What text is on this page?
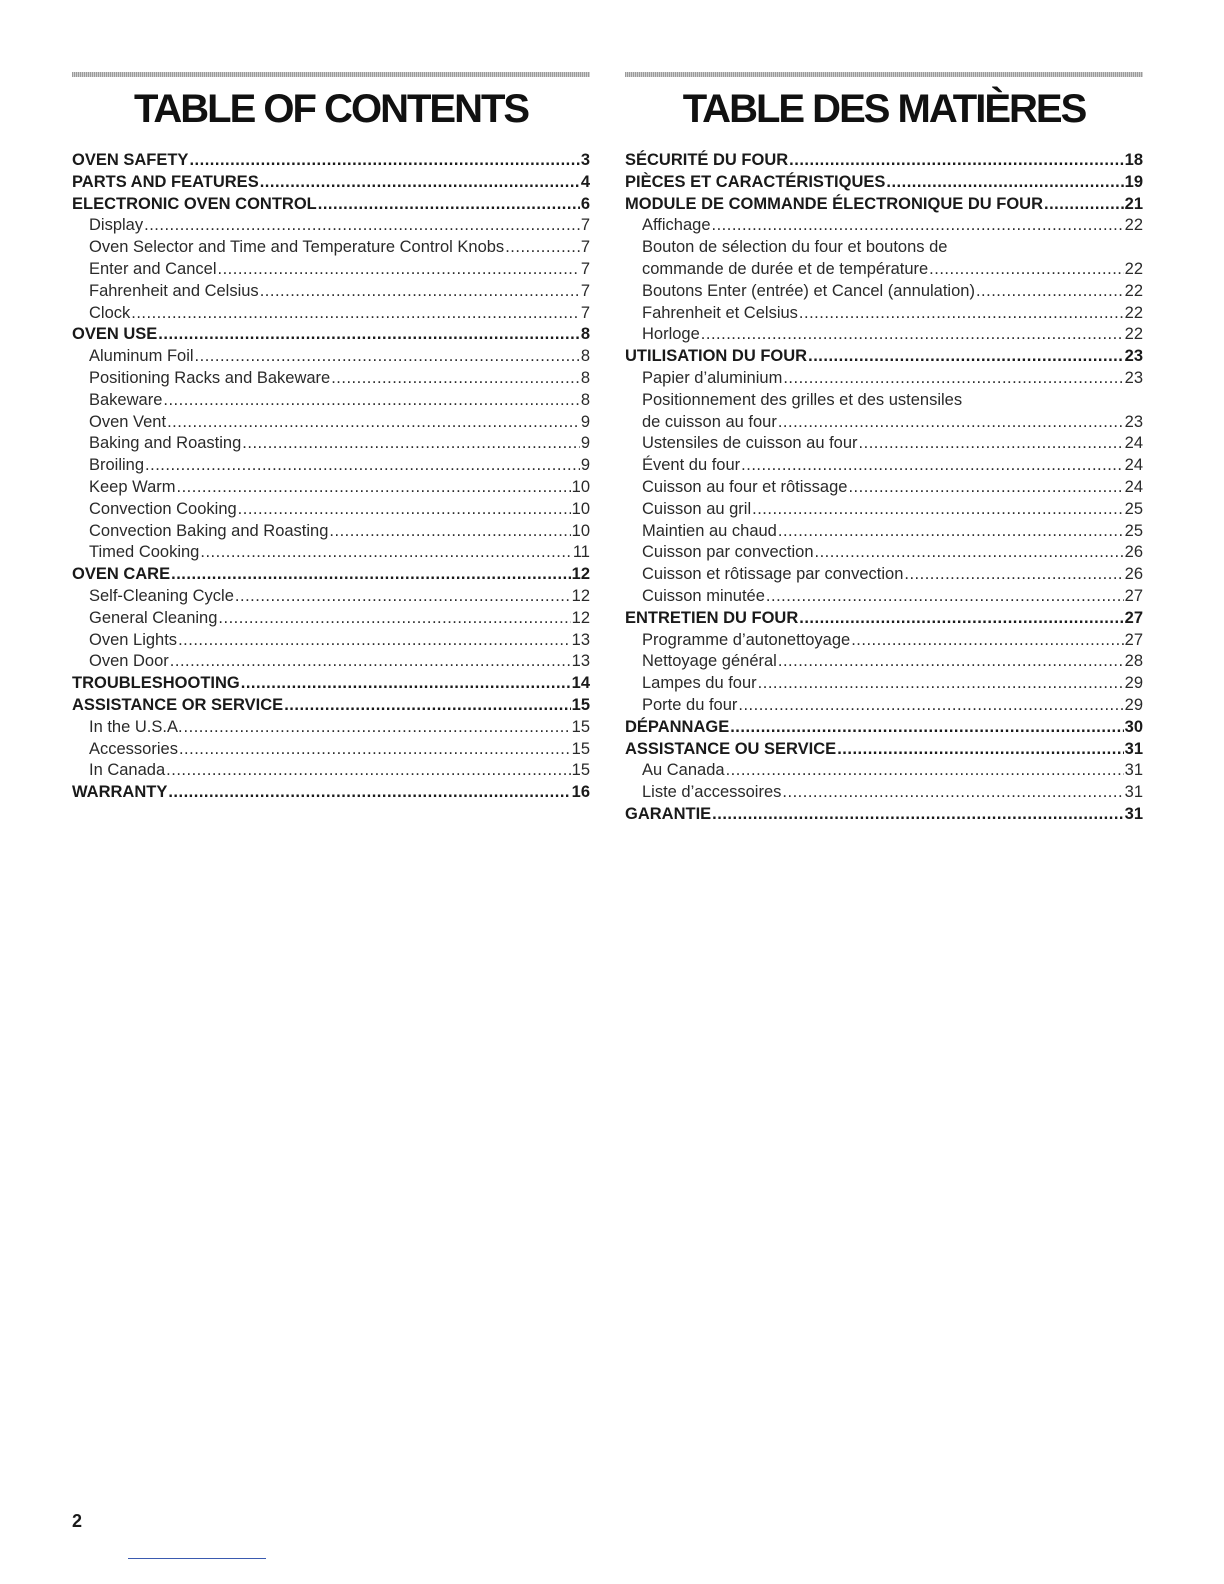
TABLE OF CONTENTS
OVEN SAFETY .....	3
PARTS AND FEATURES .....	4
ELECTRONIC OVEN CONTROL .....	6
Display .....	7
Oven Selector and Time and Temperature Control Knobs .....	7
Enter and Cancel .....	7
Fahrenheit and Celsius .....	7
Clock .....	7
OVEN USE .....	8
Aluminum Foil .....	8
Positioning Racks and Bakeware .....	8
Bakeware .....	8
Oven Vent .....	9
Baking and Roasting .....	9
Broiling .....	9
Keep Warm .....	10
Convection Cooking .....	10
Convection Baking and Roasting .....	10
Timed Cooking .....	11
OVEN CARE .....	12
Self-Cleaning Cycle .....	12
General Cleaning .....	12
Oven Lights .....	13
Oven Door .....	13
TROUBLESHOOTING .....	14
ASSISTANCE OR SERVICE .....	15
In the U.S.A. .....	15
Accessories .....	15
In Canada .....	15
WARRANTY .....	16
TABLE DES MATIÈRES
SÉCURITÉ DU FOUR .....	18
PIÈCES ET CARACTÉRISTIQUES .....	19
MODULE DE COMMANDE ÉLECTRONIQUE DU FOUR .....	21
Affichage .....	22
Bouton de sélection du four et boutons de
commande de durée et de température .....	22
Boutons Enter (entrée) et Cancel (annulation) .....	22
Fahrenheit et Celsius .....	22
Horloge .....	22
UTILISATION DU FOUR .....	23
Papier d’aluminium .....	23
Positionnement des grilles et des ustensiles
de cuisson au four .....	23
Ustensiles de cuisson au four .....	24
Évent du four .....	24
Cuisson au four et rôtissage .....	24
Cuisson au gril .....	25
Maintien au chaud .....	25
Cuisson par convection .....	26
Cuisson et rôtissage par convection .....	26
Cuisson minutée .....	27
ENTRETIEN DU FOUR .....	27
Programme d’autonettoyage .....	27
Nettoyage général .....	28
Lampes du four .....	29
Porte du four .....	29
DÉPANNAGE .....	30
ASSISTANCE OU SERVICE .....	31
Au Canada .....	31
Liste d’accessoires .....	31
GARANTIE .....	31
2
